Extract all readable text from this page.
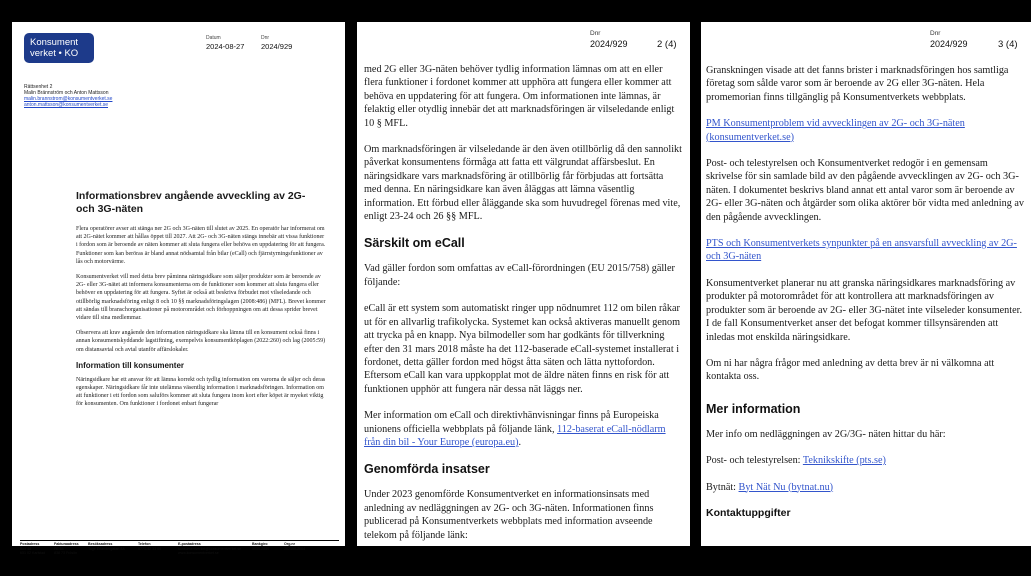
Konsument
verket • KO
Datum
2024-08-27
Dnr
2024/929
Rättsenhet 2
Malin Brännström och Anton Mattsson
malin.brannstrom@konsumentverket.se
anton.mattsson@konsumentverket.se
Informationsbrev angående avveckling av 2G- och 3G-näten

Flera operatörer avser att stänga ner 2G och 3G-näten till slutet av 2025. En operatör har informerat om att 2G-nätet kommer att hållas öppet till 2027. Att 2G- och 3G-näten stängs innebär att vissa funktioner i fordon som är beroende av näten kommer att sluta fungera eller behöva en uppdatering för att fungera. Funktioner som kan beröras är bland annat nödsamtal från bilar (eCall) och fjärrstyrningsfunktioner av lås och motorvärme.

Konsumentverket vill med detta brev påminna näringsidkare som säljer produkter som är beroende av 2G- eller 3G-nätet att informera konsumenterna om de funktioner som kommer att sluta fungera eller behöver en uppdatering för att fungera. Syftet är också att beskriva förbudet mot vilseledande och otillbörlig marknadsföring enligt 8 och 10 §§ marknadsföringslagen (2008:486) (MFL). Brevet kommer att sändas till branschorganisationer på motorområdet och förhoppningen om att dessa sprider brevet vidare till sina medlemmar.

Observera att krav angående den information näringsidkare ska lämna till en konsument också finns i annan konsumentskyddande lagstiftning, exempelvis konsumentköplagen (2022:260) och lag (2005:59) om distansavtal och avtal utanför affärslokaler.

Information till konsumenter

Näringsidkare har ett ansvar för att lämna korrekt och tydlig information om varorna de säljer och deras egenskaper. Näringsidkare får inte utelämna väsentlig information i marknadsföringen. Information om att funktioner i ett fordon som saluförs kommer att sluta fungera inom kort efter köpet är myeket viktig för konsumenten. Om funktioner i fordonet enbart fungerar

Postadress
Box 48
651 02 Karlstad
Fakturaadress
FE 64
838 73 Frösön
Besöksadress
Tage Erlandergatan 8A
Telefon
0771-42 33 00
E-postadress
konsumentverket@konsumentverket.se
www.konsumentverket.se
Bankgiro
5050-2880
Org.nr
202100-2064
Dnr
2024/929	2 (4)

med 2G eller 3G-näten behöver tydlig information lämnas om att en eller flera funktioner i fordonet kommer att upphöra att fungera eller kommer att behöva en uppdatering för att fungera. Om informationen inte lämnas, är felaktig eller otydlig innebär det att marknadsföringen är vilseledande enligt 10 § MFL.

Om marknadsföringen är vilseledande är den även otillbörlig då den sannolikt påverkat konsumentens förmåga att fatta ett välgrundat affärsbeslut. En näringsidkare vars marknadsföring är otillbörlig får förbjudas att fortsätta med denna. En näringsidkare kan även åläggas att lämna väsentlig information. Ett förbud eller åläggande ska som huvudregel förenas med vite, enligt 23-24 och 26 §§ MFL.

Särskilt om eCall

Vad gäller fordon som omfattas av eCall-förordningen (EU 2015/758) gäller följande:

eCall är ett system som automatiskt ringer upp nödnumret 112 om bilen råkar ut för en allvarlig trafikolycka. Systemet kan också aktiveras manuellt genom att trycka på en knapp. Nya bilmodeller som har godkänts för tillverkning efter den 31 mars 2018 måste ha det 112-baserade eCall-systemet installerat i fordonet, detta gäller fordon med högst åtta säten och lätta nyttofordon. Eftersom eCall kan vara uppkopplat mot de äldre näten finns en risk för att funktionen upphör att fungera när dessa nät läggs ner.

Mer information om eCall och direktivhänvisningar finns på Europeiska unionens officiella webbplats på följande länk, 112-baserat eCall-nödlarm från din bil - Your Europe (europa.eu).

Genomförda insatser

Under 2023 genomförde Konsumentverket en informationsinsats med anledning av nedläggningen av 2G- och 3G-näten. Informationen finns publicerad på Konsumentverkets webbplats med information avseende telekom på följande länk:

Dnr
2024/929	3 (4)

Granskningen visade att det fanns brister i marknadsföringen hos samtliga företag som sålde varor som är beroende av 2G eller 3G-näten. Hela promemorian finns tillgänglig på Konsumentverkets webbplats.

PM Konsumentproblem vid avvecklingen av 2G- och 3G-näten (konsumentverket.se)

Post- och telestyrelsen och Konsumentverket redogör i en gemensam skrivelse för sin samlade bild av den pågående avvecklingen av 2G- och 3G-näten. I dokumentet beskrivs bland annat ett antal varor som är beroende av 2G- eller 3G-näten och åtgärder som olika aktörer bör vidta med anledning av den pågående avvecklingen.

PTS och Konsumentverkets synpunkter på en ansvarsfull avveckling av 2G- och 3G-näten

Konsumentverket planerar nu att granska näringsidkares marknadsföring av produkter på motorområdet för att kontrollera att marknadsföringen av produkter som är beroende av 2G- eller 3G-nätet inte vilseleder konsumenter. I de fall Konsumentverket anser det befogat kommer tillsynsärenden att inledas mot enskilda näringsidkare.

Om ni har några frågor med anledning av detta brev är ni välkomna att kontakta oss.

Mer information

Mer info om nedläggningen av 2G/3G- näten hittar du här:

Post- och telestyrelsen: Teknikskifte (pts.se)

Bytnät: Byt Nät Nu (bytnat.nu)

Kontaktuppgifter
